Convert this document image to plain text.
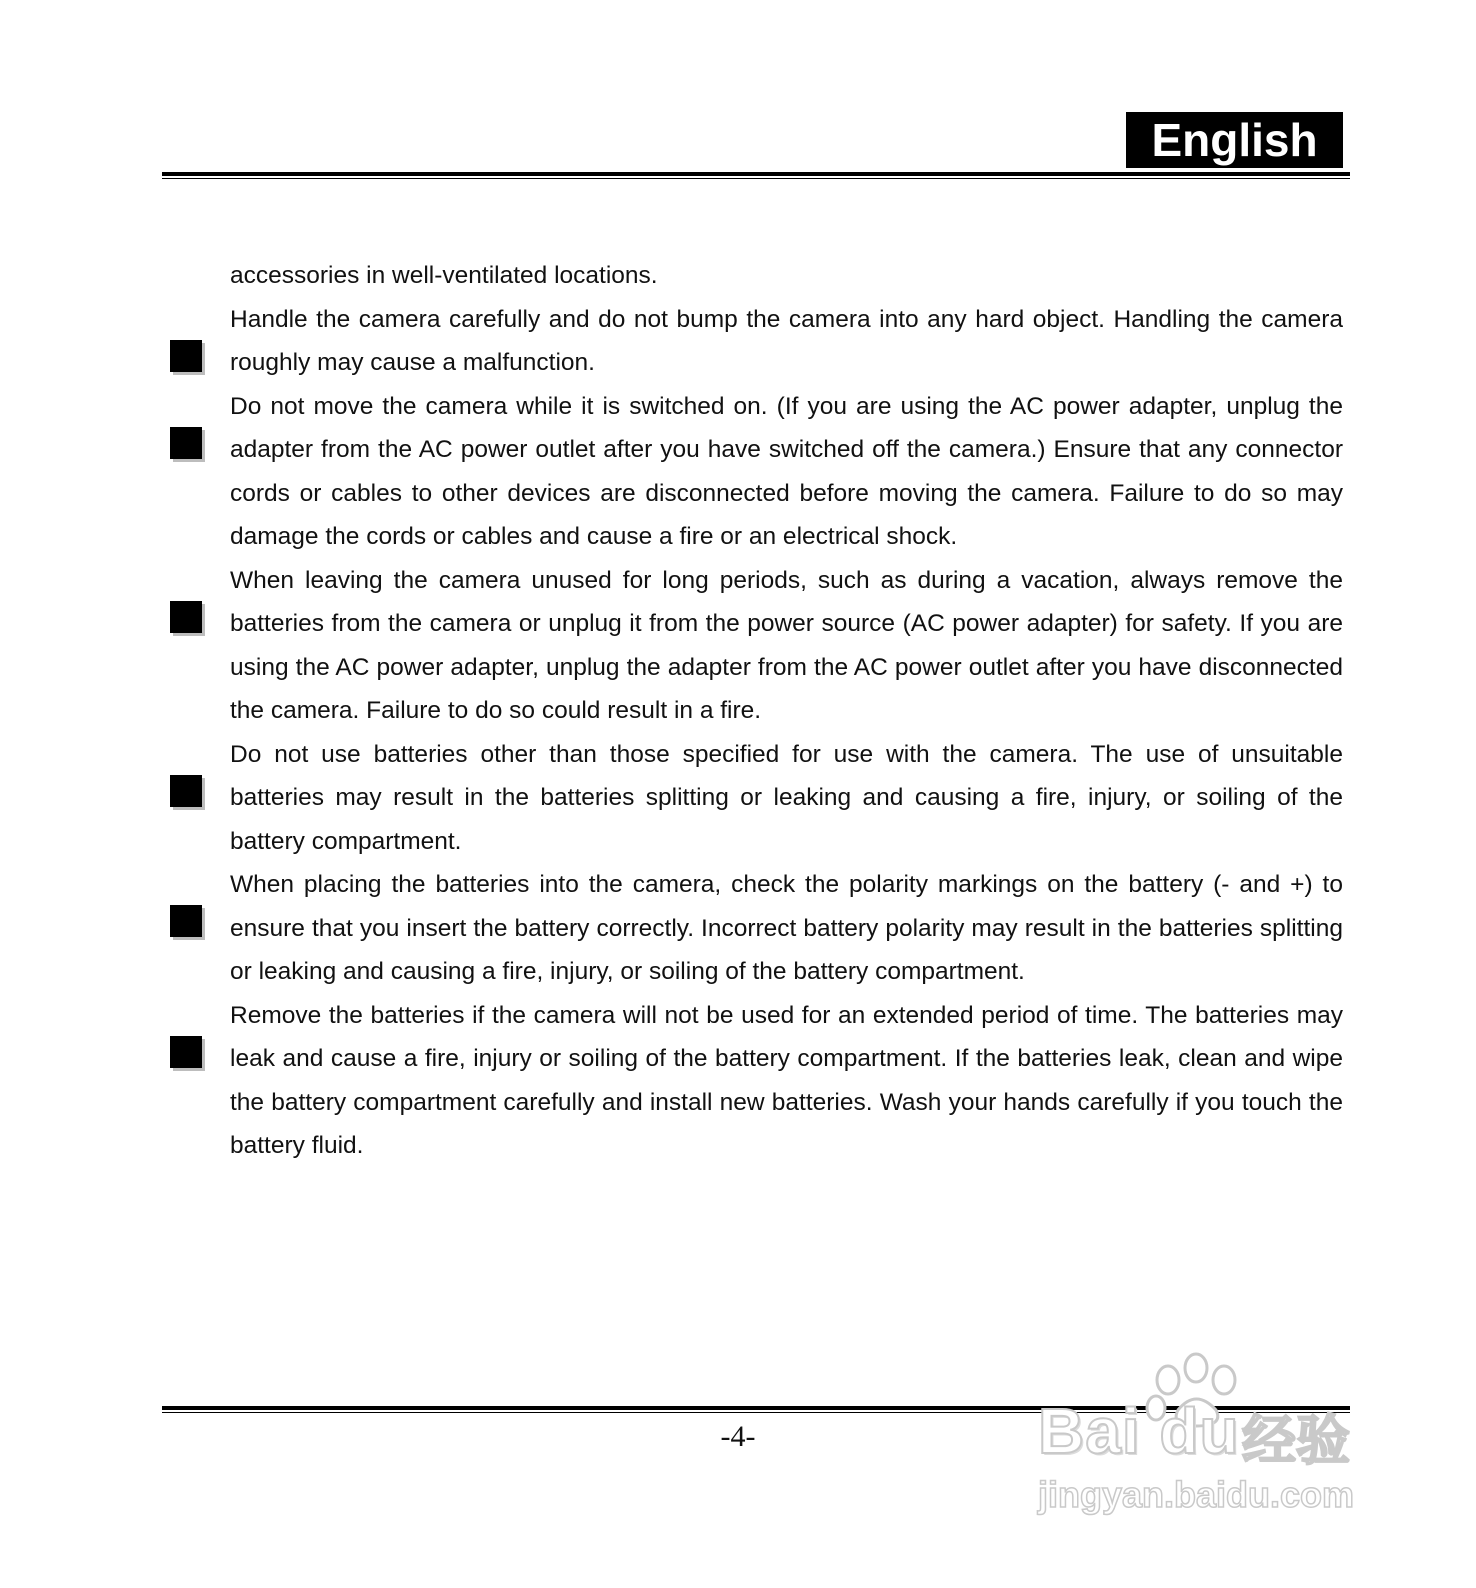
English

accessories in well-ventilated locations.

Handle the camera carefully and do not bump the camera into any hard object. Handling the camera roughly may cause a malfunction.

Do not move the camera while it is switched on. (If you are using the AC power adapter, unplug the adapter from the AC power outlet after you have switched off the camera.) Ensure that any connector cords or cables to other devices are disconnected before moving the camera. Failure to do so may damage the cords or cables and cause a fire or an electrical shock.

When leaving the camera unused for long periods, such as during a vacation, always remove the batteries from the camera or unplug it from the power source (AC power adapter) for safety. If you are using the AC power adapter, unplug the adapter from the AC power outlet after you have disconnected the camera. Failure to do so could result in a fire.

Do not use batteries other than those specified for use with the camera. The use of unsuitable batteries may result in the batteries splitting or leaking and causing a fire, injury, or soiling of the battery compartment.

When placing the batteries into the camera, check the polarity markings on the battery (- and +) to ensure that you insert the battery correctly. Incorrect battery polarity may result in the batteries splitting or leaking and causing a fire, injury, or soiling of the battery compartment.

Remove the batteries if the camera will not be used for an extended period of time. The batteries may leak and cause a fire, injury or soiling of the battery compartment. If the batteries leak, clean and wipe the battery compartment carefully and install new batteries. Wash your hands carefully if you touch the battery fluid.

-4-	Bai du 经验
jingyan.baidu.com
